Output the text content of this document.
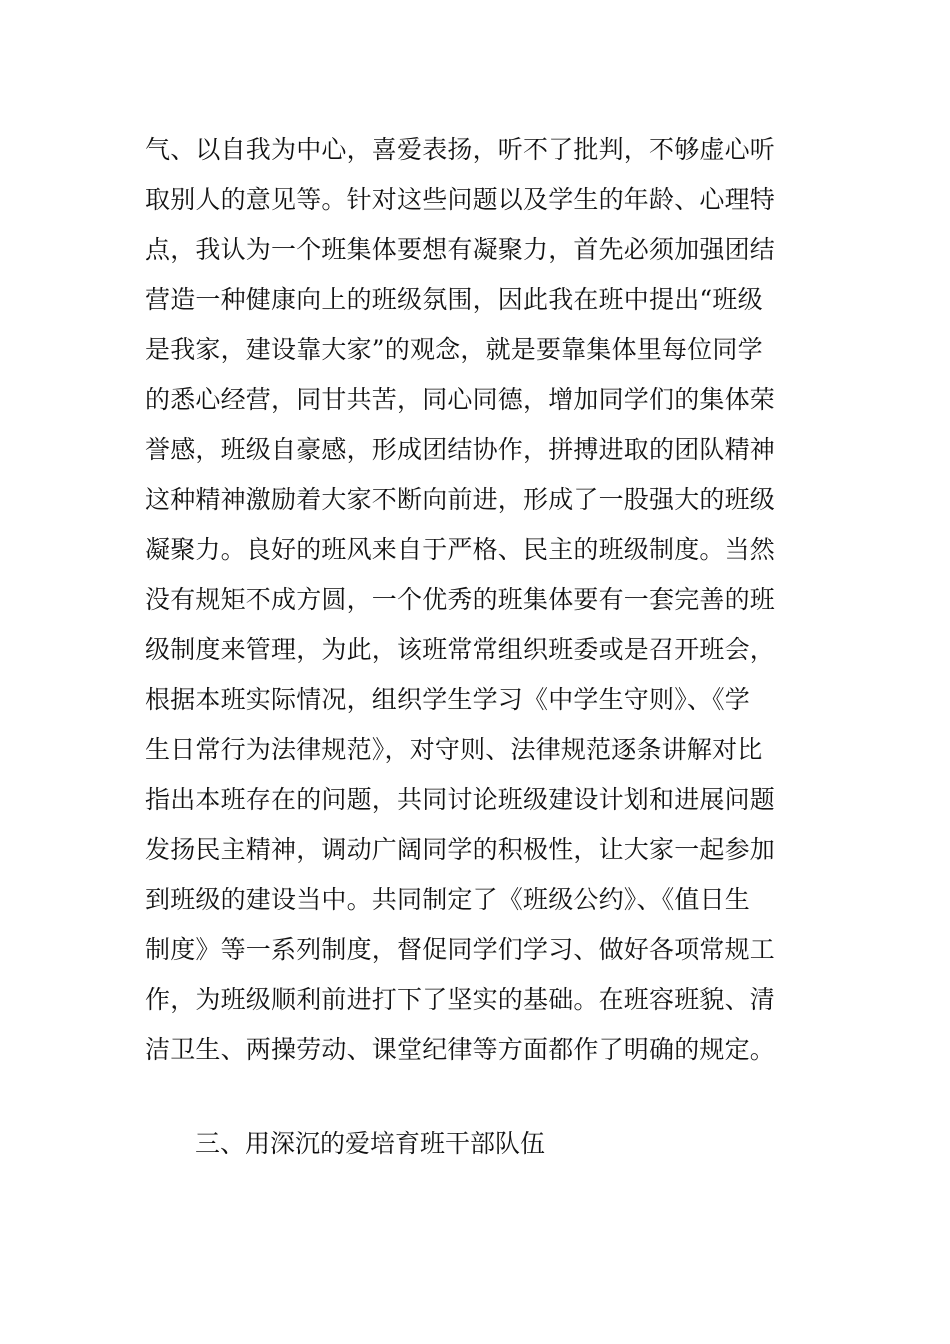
气、以自我为中心，喜爱表扬，听不了批判，不够虚心听
取别人的意见等。针对这些问题以及学生的年龄、心理特
点，我认为一个班集体要想有凝聚力，首先必须加强团结
营造一种健康向上的班级氛围，因此我在班中提出“班级
是我家，建设靠大家”的观念，就是要靠集体里每位同学
的悉心经营，同甘共苦，同心同德，增加同学们的集体荣
誉感，班级自豪感，形成团结协作，拼搏进取的团队精神
这种精神激励着大家不断向前进，形成了一股强大的班级
凝聚力。良好的班风来自于严格、民主的班级制度。当然
没有规矩不成方圆，一个优秀的班集体要有一套完善的班
级制度来管理，为此，该班常常组织班委或是召开班会，
根据本班实际情况，组织学生学习《中学生守则》、《学
生日常行为法律规范》，对守则、法律规范逐条讲解对比
指出本班存在的问题，共同讨论班级建设计划和进展问题
发扬民主精神，调动广阔同学的积极性，让大家一起参加
到班级的建设当中。共同制定了《班级公约》、《值日生
制度》等一系列制度，督促同学们学习、做好各项常规工
作，为班级顺利前进打下了坚实的基础。在班容班貌、清
洁卫生、两操劳动、课堂纪律等方面都作了明确的规定。
三、用深沉的爱培育班干部队伍
